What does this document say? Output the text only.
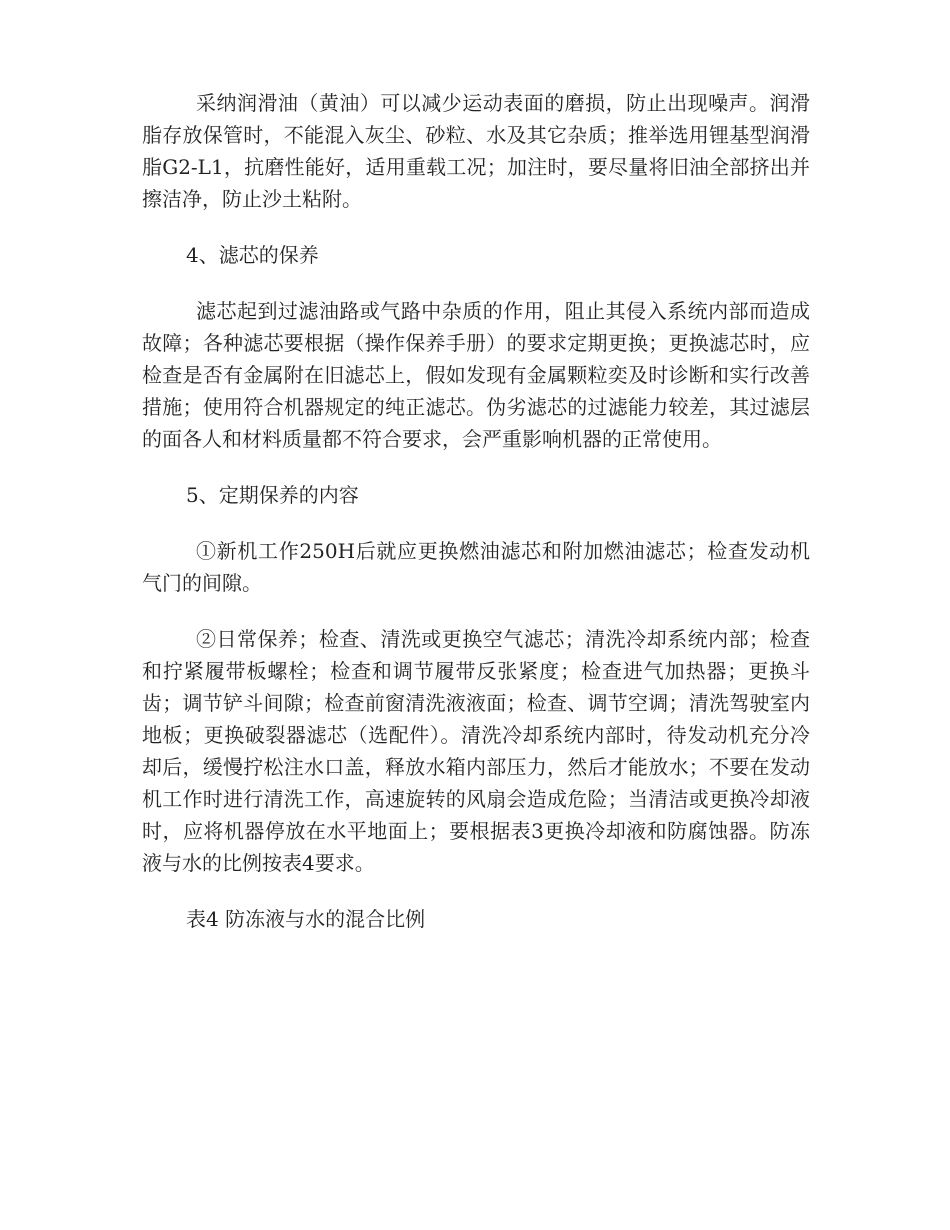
采纳润滑油（黄油）可以减少运动表面的磨损，防止出现噪声。润滑脂存放保管时，不能混入灰尘、砂粒、水及其它杂质；推举选用锂基型润滑脂G2-L1，抗磨性能好，适用重载工况；加注时，要尽量将旧油全部挤出并擦洁净，防止沙土粘附。

4、滤芯的保养

滤芯起到过滤油路或气路中杂质的作用，阻止其侵入系统内部而造成故障；各种滤芯要根据（操作保养手册）的要求定期更换；更换滤芯时，应检查是否有金属附在旧滤芯上，假如发现有金属颗粒奕及时诊断和实行改善措施；使用符合机器规定的纯正滤芯。伪劣滤芯的过滤能力较差，其过滤层的面各人和材料质量都不符合要求，会严重影响机器的正常使用。

5、定期保养的内容

①新机工作250H后就应更换燃油滤芯和附加燃油滤芯；检查发动机气门的间隙。

②日常保养；检查、清洗或更换空气滤芯；清洗冷却系统内部；检查和拧紧履带板螺栓；检查和调节履带反张紧度；检查进气加热器；更换斗齿；调节铲斗间隙；检查前窗清洗液液面；检查、调节空调；清洗驾驶室内地板；更换破裂器滤芯（选配件）。清洗冷却系统内部时，待发动机充分冷却后，缓慢拧松注水口盖，释放水箱内部压力，然后才能放水；不要在发动机工作时进行清洗工作，高速旋转的风扇会造成危险；当清洁或更换冷却液时，应将机器停放在水平地面上；要根据表3更换冷却液和防腐蚀器。防冻液与水的比例按表4要求。

表4 防冻液与水的混合比例
